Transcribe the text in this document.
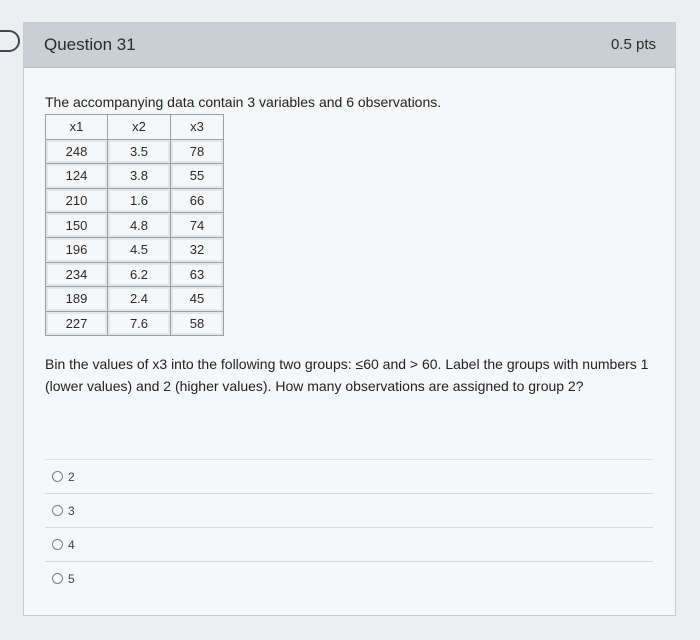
Question 31	0.5 pts
The accompanying data contain 3 variables and 6 observations.
x1	x2	x3
248	3.5	78
124	3.8	55
210	1.6	66
150	4.8	74
196	4.5	32
234	6.2	63
189	2.4	45
227	7.6	58
Bin the values of x3 into the following two groups: ≤60 and > 60. Label the groups with numbers 1 (lower values) and 2 (higher values). How many observations are assigned to group 2?
2
3
4
5
